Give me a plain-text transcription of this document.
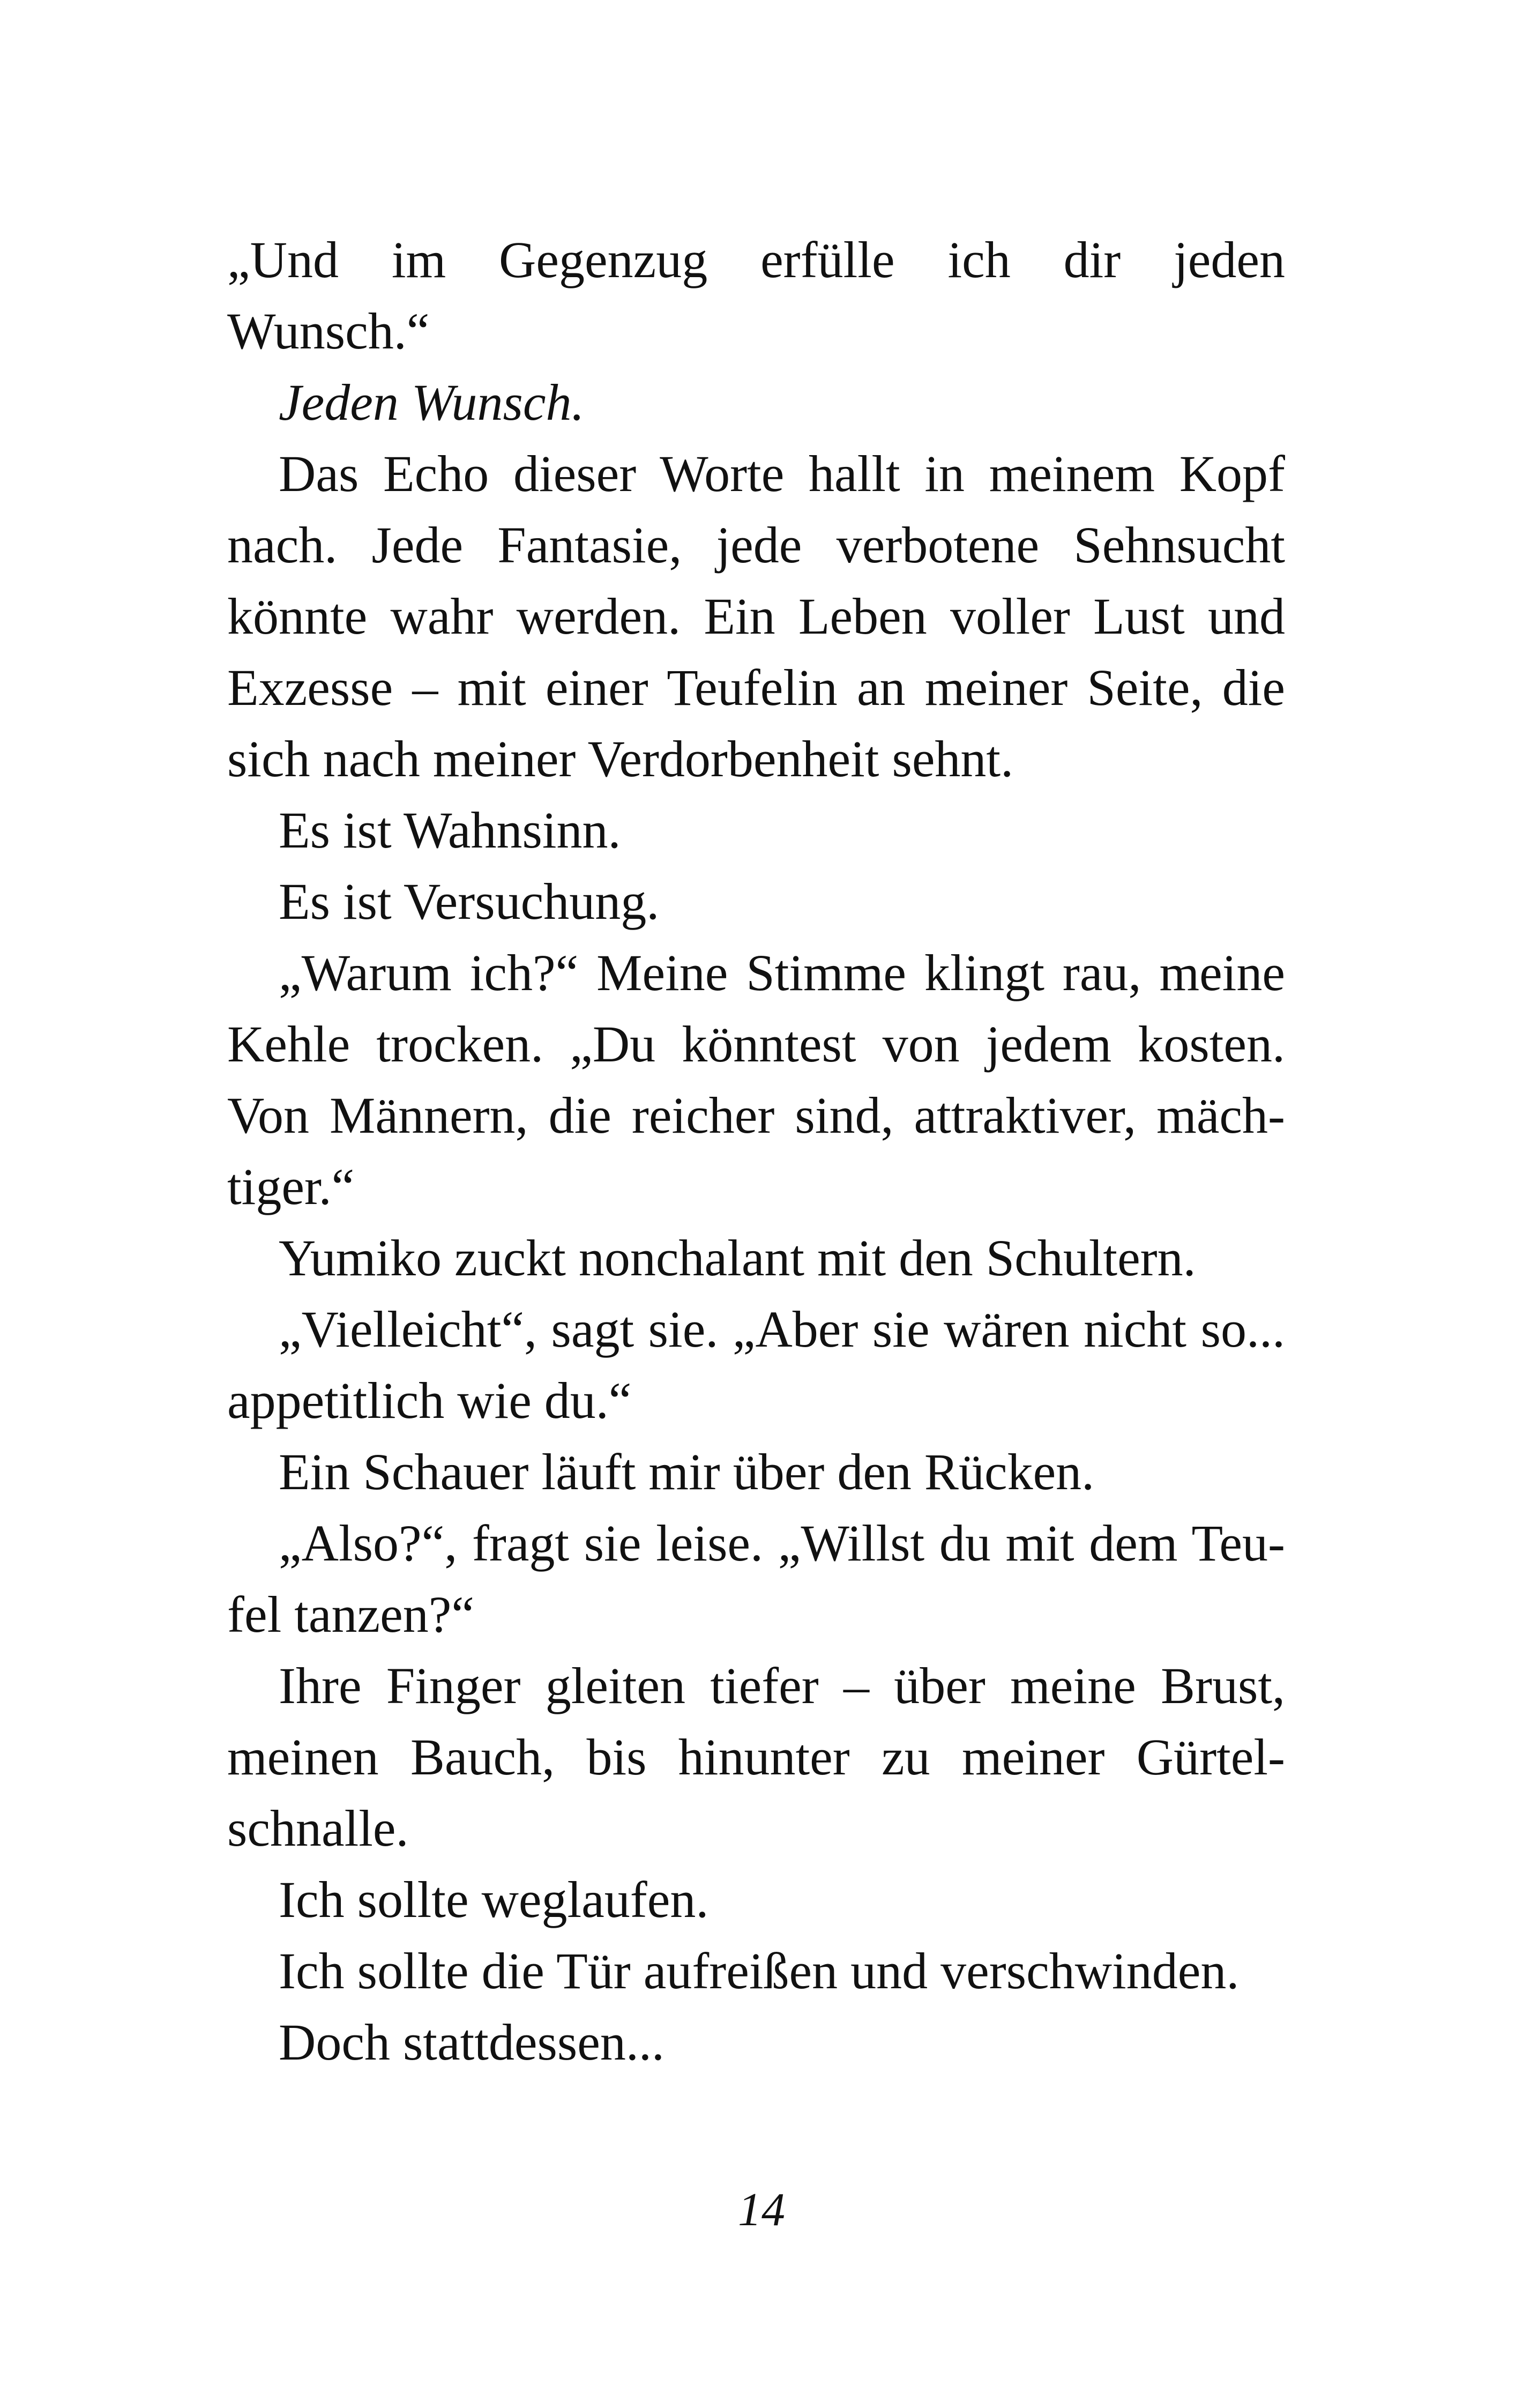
„Und im Gegenzug erfülle ich dir jeden
Wunsch.“
Jeden Wunsch.
Das Echo dieser Worte hallt in meinem Kopf
nach. Jede Fantasie, jede verbotene Sehnsucht
könnte wahr werden. Ein Leben voller Lust und
Exzesse – mit einer Teufelin an meiner Seite, die
sich nach meiner Verdorbenheit sehnt.
Es ist Wahnsinn.
Es ist Versuchung.
„Warum ich?“ Meine Stimme klingt rau, meine
Kehle trocken. „Du könntest von jedem kosten.
Von Männern, die reicher sind, attraktiver, mäch-
tiger.“
Yumiko zuckt nonchalant mit den Schultern.
„Vielleicht“, sagt sie. „Aber sie wären nicht so...
appetitlich wie du.“
Ein Schauer läuft mir über den Rücken.
„Also?“, fragt sie leise. „Willst du mit dem Teu-
fel tanzen?“
Ihre Finger gleiten tiefer – über meine Brust,
meinen Bauch, bis hinunter zu meiner Gürtel-
schnalle.
Ich sollte weglaufen.
Ich sollte die Tür aufreißen und verschwinden.
Doch stattdessen...
14
